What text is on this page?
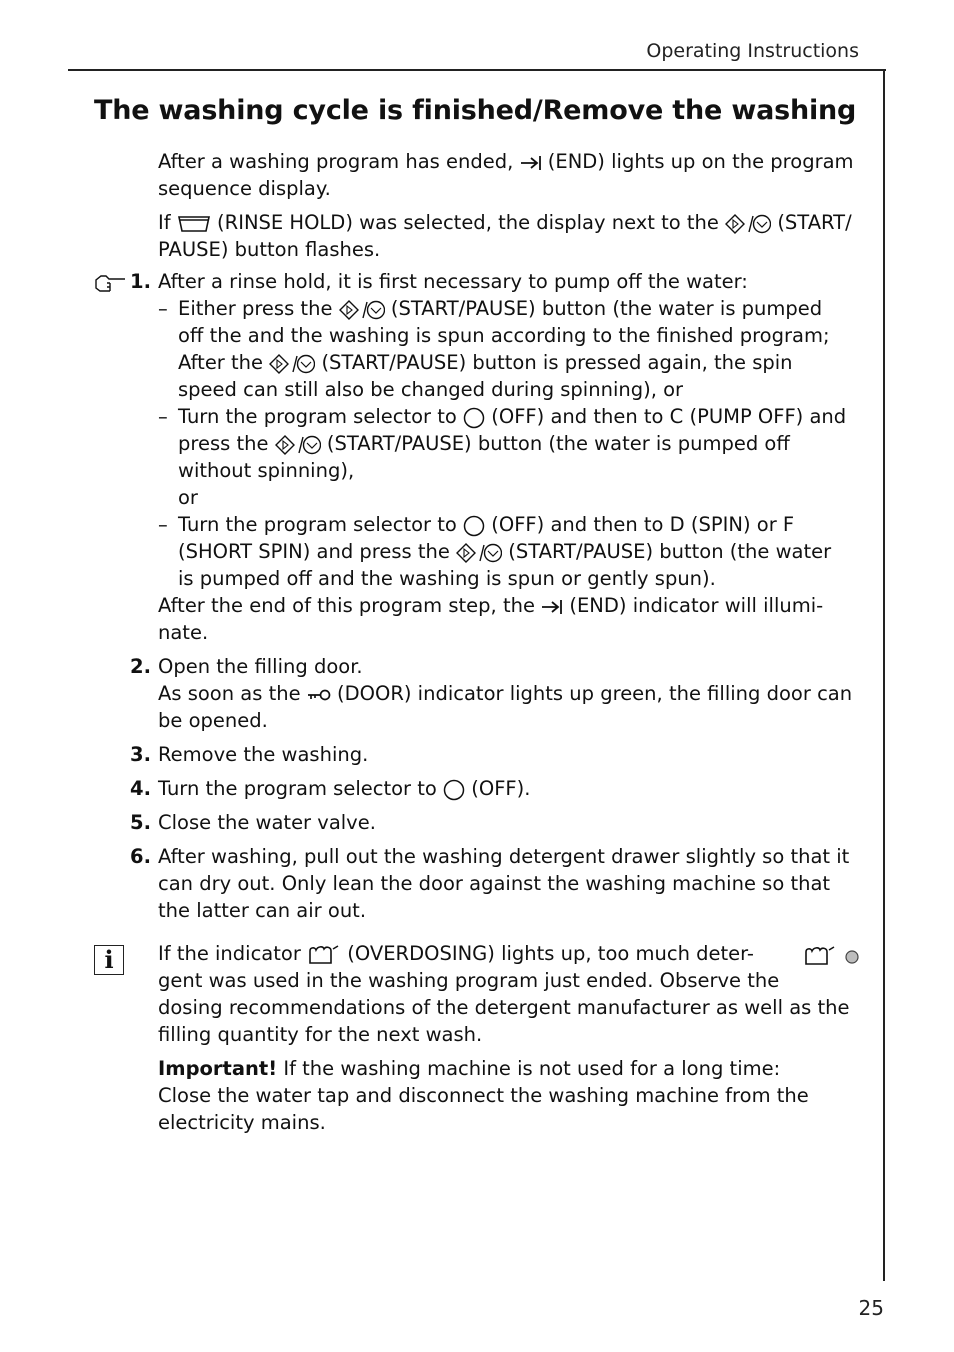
Operating Instructions
The washing cycle is finished/Remove the washing

After a washing program has ended, (END) lights up on the program
sequence display.

If (RINSE HOLD) was selected, the display next to the	(START/
PAUSE) button flashes.

1. After a rinse hold, it is first necessary to pump off the water:
– Either press the	(START/PAUSE) button (the water is pumped
off the and the washing is spun according to the finished program;
After the	(START/PAUSE) button is pressed again, the spin
speed can still also be changed during spinning), or
– Turn the program selector to (OFF) and then to C (PUMP OFF) and
press the	(START/PAUSE) button (the water is pumped off
without spinning),
or
– Turn the program selector to (OFF) and then to D (SPIN) or F
(SHORT SPIN) and press the	(START/PAUSE) button (the water
is pumped off and the washing is spun or gently spun).
After the end of this program step, the (END) indicator will illumi-
nate.
2. Open the filling door.
As soon as the (DOOR) indicator lights up green, the filling door can
be opened.
3. Remove the washing.
4. Turn the program selector to (OFF).
5. Close the water valve.
6. After washing, pull out the washing detergent drawer slightly so that it
can dry out. Only lean the door against the washing machine so that
the latter can air out.
i	If the indicator (OVERDOSING) lights up, too much deter-
gent was used in the washing program just ended. Observe the
dosing recommendations of the detergent manufacturer as well as the
filling quantity for the next wash.

Important! If the washing machine is not used for a long time:
Close the water tap and disconnect the washing machine from the
electricity mains.

25
